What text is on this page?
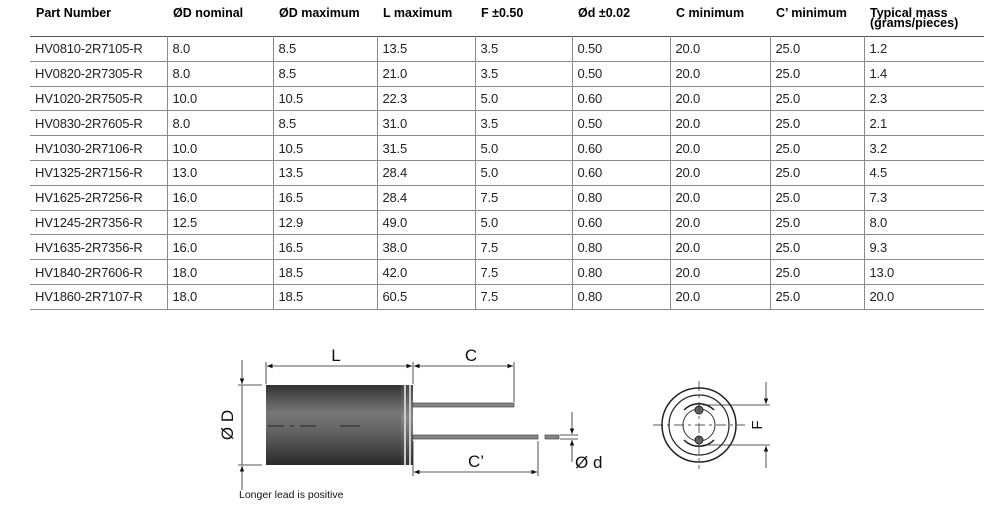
Part Number	ØD nominal	ØD maximum	L maximum	F ±0.50	Ød ±0.02	C minimum	C’ minimum	Typical mass
(grams/pieces)
HV0810-2R7105-R	8.0	8.5	13.5	3.5	0.50	20.0	25.0	1.2
HV0820-2R7305-R	8.0	8.5	21.0	3.5	0.50	20.0	25.0	1.4
HV1020-2R7505-R	10.0	10.5	22.3	5.0	0.60	20.0	25.0	2.3
HV0830-2R7605-R	8.0	8.5	31.0	3.5	0.50	20.0	25.0	2.1
HV1030-2R7106-R	10.0	10.5	31.5	5.0	0.60	20.0	25.0	3.2
HV1325-2R7156-R	13.0	13.5	28.4	5.0	0.60	20.0	25.0	4.5
HV1625-2R7256-R	16.0	16.5	28.4	7.5	0.80	20.0	25.0	7.3
HV1245-2R7356-R	12.5	12.9	49.0	5.0	0.60	20.0	25.0	8.0
HV1635-2R7356-R	16.0	16.5	38.0	7.5	0.80	20.0	25.0	9.3
HV1840-2R7606-R	18.0	18.5	42.0	7.5	0.80	20.0	25.0	13.0
HV1860-2R7107-R	18.0	18.5	60.5	7.5	0.80	20.0	25.0	20.0
L	C
C’
Ø D
Ø d
F
Longer lead is positive
